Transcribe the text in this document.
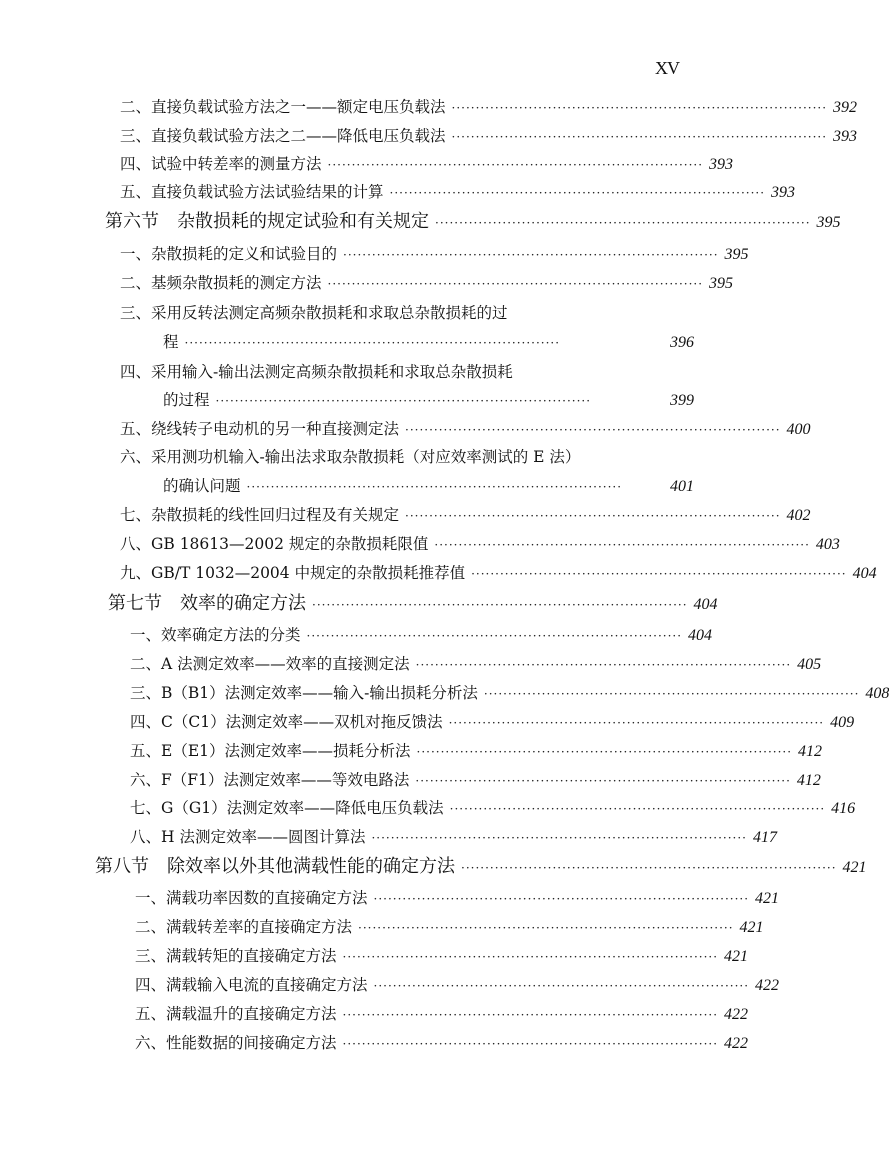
XV
二、直接负载试验方法之一——额定电压负载法 ·············································································· 392
三、直接负载试验方法之二——降低电压负载法 ·············································································· 393
四、试验中转差率的测量方法 ·············································································· 393
五、直接负载试验方法试验结果的计算 ·············································································· 393
第六节　杂散损耗的规定试验和有关规定 ·············································································· 395
一、杂散损耗的定义和试验目的 ·············································································· 395
二、基频杂散损耗的测定方法 ·············································································· 395
三、采用反转法测定高频杂散损耗和求取总杂散损耗的过
程 ··············································································	396
四、采用输入-输出法测定高频杂散损耗和求取总杂散损耗
的过程 ··············································································	399
五、绕线转子电动机的另一种直接测定法 ·············································································· 400
六、采用测功机输入-输出法求取杂散损耗（对应效率测试的 E 法）
的确认问题 ··············································································	401
七、杂散损耗的线性回归过程及有关规定 ·············································································· 402
八、GB 18613—2002 规定的杂散损耗限值 ·············································································· 403
九、GB/T 1032—2004 中规定的杂散损耗推荐值 ·············································································· 404
第七节　效率的确定方法 ·············································································· 404
一、效率确定方法的分类 ·············································································· 404
二、A 法测定效率——效率的直接测定法 ·············································································· 405
三、B（B1）法测定效率——输入-输出损耗分析法 ·············································································· 408
四、C（C1）法测定效率——双机对拖反馈法 ·············································································· 409
五、E（E1）法测定效率——损耗分析法 ·············································································· 412
六、F（F1）法测定效率——等效电路法 ·············································································· 412
七、G（G1）法测定效率——降低电压负载法 ·············································································· 416
八、H 法测定效率——圆图计算法 ·············································································· 417
第八节　除效率以外其他满载性能的确定方法 ·············································································· 421
一、满载功率因数的直接确定方法 ·············································································· 421
二、满载转差率的直接确定方法 ·············································································· 421
三、满载转矩的直接确定方法 ·············································································· 421
四、满载输入电流的直接确定方法 ·············································································· 422
五、满载温升的直接确定方法 ·············································································· 422
六、性能数据的间接确定方法 ·············································································· 422
